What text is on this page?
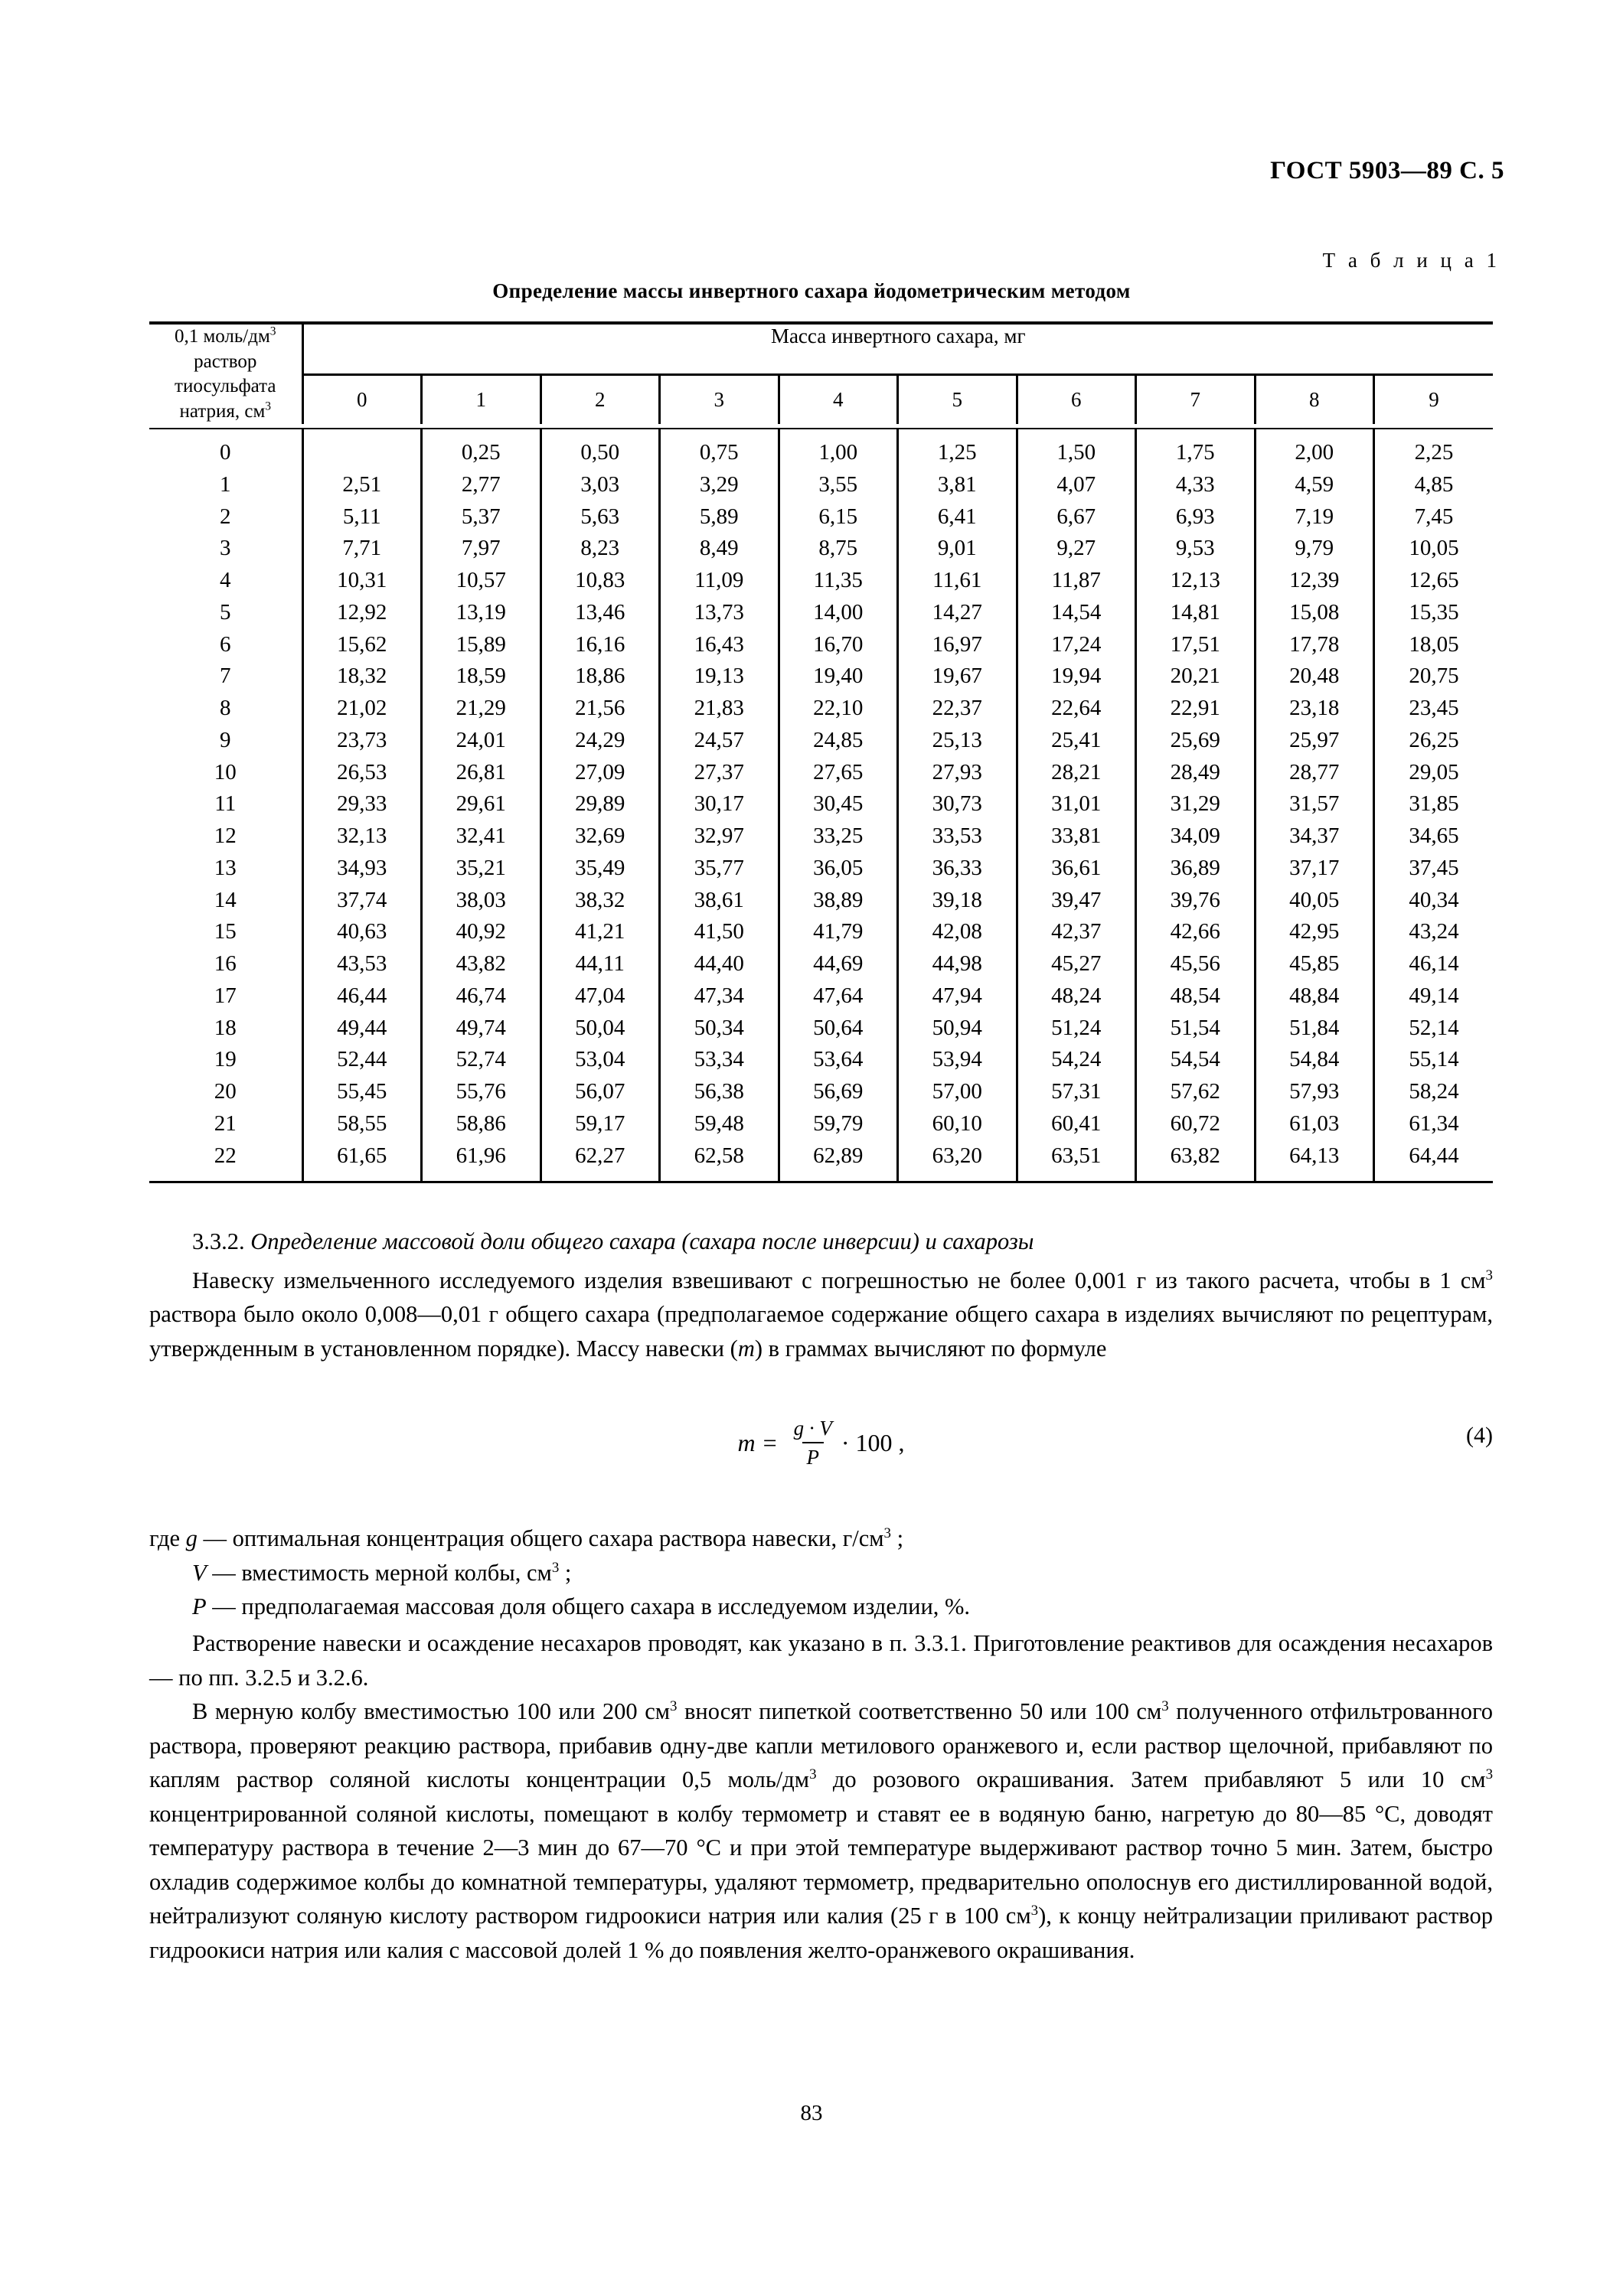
ГОСТ 5903—89 С. 5
Т а б л и ц а 1
Определение массы инвертного сахара йодометрическим методом
0,1 моль/$дм^3$
раствор
тиосульфата
натрия, $см^3$	Масса инвертного сахара, мг									
	0	1	2	3	4	5	6	7	8	9

0		0,25	0,50	0,75	1,00	1,25	1,50	1,75	2,00	2,25
1	2,51	2,77	3,03	3,29	3,55	3,81	4,07	4,33	4,59	4,85
2	5,11	5,37	5,63	5,89	6,15	6,41	6,67	6,93	7,19	7,45
3	7,71	7,97	8,23	8,49	8,75	9,01	9,27	9,53	9,79	10,05
4	10,31	10,57	10,83	11,09	11,35	11,61	11,87	12,13	12,39	12,65
5	12,92	13,19	13,46	13,73	14,00	14,27	14,54	14,81	15,08	15,35
6	15,62	15,89	16,16	16,43	16,70	16,97	17,24	17,51	17,78	18,05
7	18,32	18,59	18,86	19,13	19,40	19,67	19,94	20,21	20,48	20,75
8	21,02	21,29	21,56	21,83	22,10	22,37	22,64	22,91	23,18	23,45
9	23,73	24,01	24,29	24,57	24,85	25,13	25,41	25,69	25,97	26,25
10	26,53	26,81	27,09	27,37	27,65	27,93	28,21	28,49	28,77	29,05
11	29,33	29,61	29,89	30,17	30,45	30,73	31,01	31,29	31,57	31,85
12	32,13	32,41	32,69	32,97	33,25	33,53	33,81	34,09	34,37	34,65
13	34,93	35,21	35,49	35,77	36,05	36,33	36,61	36,89	37,17	37,45
14	37,74	38,03	38,32	38,61	38,89	39,18	39,47	39,76	40,05	40,34
15	40,63	40,92	41,21	41,50	41,79	42,08	42,37	42,66	42,95	43,24
16	43,53	43,82	44,11	44,40	44,69	44,98	45,27	45,56	45,85	46,14
17	46,44	46,74	47,04	47,34	47,64	47,94	48,24	48,54	48,84	49,14
18	49,44	49,74	50,04	50,34	50,64	50,94	51,24	51,54	51,84	52,14
19	52,44	52,74	53,04	53,34	53,64	53,94	54,24	54,54	54,84	55,14
20	55,45	55,76	56,07	56,38	56,69	57,00	57,31	57,62	57,93	58,24
21	58,55	58,86	59,17	59,48	59,79	60,10	60,41	60,72	61,03	61,34
22	61,65	61,96	62,27	62,58	62,89	63,20	63,51	63,82	64,13	64,44

3.3.2. Определение массовой доли общего сахара (сахара после инверсии) и сахарозы

Навеску измельченного исследуемого изделия взвешивают с погрешностью не более 0,001 г из такого расчета, чтобы в 1 $см^3$ раствора было около 0,008—0,01 г общего сахара (предполагаемое содержание общего сахара в изделиях вычисляют по рецептурам, утвержденным в установленном порядке). Массу навески (m) в граммах вычисляют по формуле

$m = \frac{g \cdot V}{P} \cdot 100$ ,	(4)

где g — оптимальная концентрация общего сахара раствора навески, $г/см^3$ ;

V — вместимость мерной колбы, $см^3$ ;

P — предполагаемая массовая доля общего сахара в исследуемом изделии, %.

Растворение навески и осаждение несахаров проводят, как указано в п. 3.3.1. Приготовление реактивов для осаждения несахаров — по пп. 3.2.5 и 3.2.6.

В мерную колбу вместимостью 100 или 200 $см^3$ вносят пипеткой соответственно 50 или 100 $см^3$ полученного отфильтрованного раствора, проверяют реакцию раствора, прибавив одну-две капли метилового оранжевого и, если раствор щелочной, прибавляют по каплям раствор соляной кислоты концентрации 0,5 моль/$дм^3$ до розового окрашивания. Затем прибавляют 5 или 10 $см^3$ концентрированной соляной кислоты, помещают в колбу термометр и ставят ее в водяную баню, нагретую до 80—85 °С, доводят температуру раствора в течение 2—3 мин до 67—70 °С и при этой температуре выдерживают раствор точно 5 мин. Затем, быстро охладив содержимое колбы до комнатной температуры, удаляют термометр, предварительно ополоснув его дистиллированной водой, нейтрализуют соляную кислоту раствором гидроокиси натрия или калия (25 г в 100 $см^3$), к концу нейтрализации приливают раствор гидроокиси натрия или калия с массовой долей 1 % до появления желто-оранжевого окрашивания.

83
